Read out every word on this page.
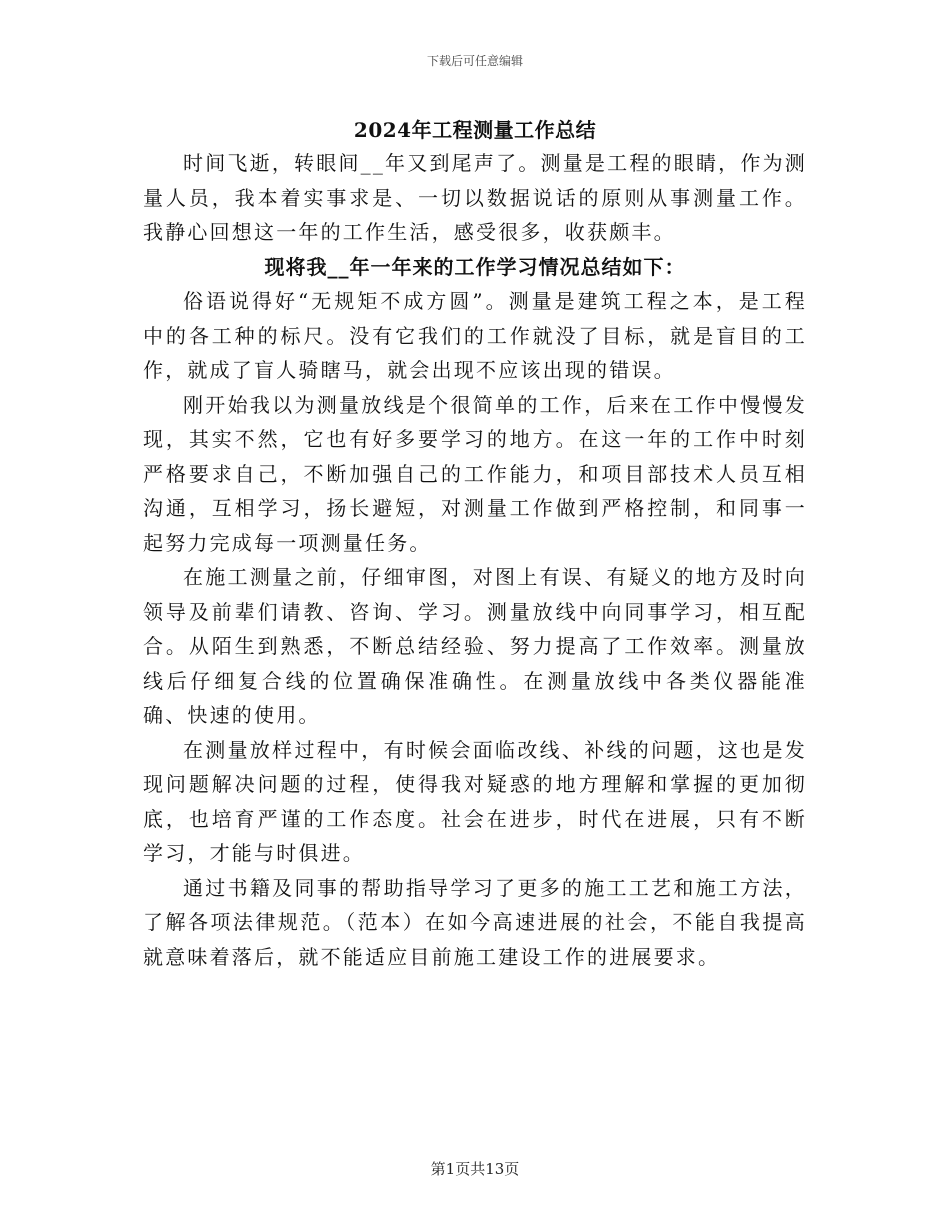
下载后可任意编辑
2024年工程测量工作总结

时间飞逝，转眼间__年又到尾声了。测量是工程的眼睛，作为测量人员，我本着实事求是、一切以数据说话的原则从事测量工作。我静心回想这一年的工作生活，感受很多，收获颇丰。

现将我__年一年来的工作学习情况总结如下：

俗语说得好“无规矩不成方圆”。测量是建筑工程之本，是工程中的各工种的标尺。没有它我们的工作就没了目标，就是盲目的工作，就成了盲人骑瞎马，就会出现不应该出现的错误。

刚开始我以为测量放线是个很简单的工作，后来在工作中慢慢发现，其实不然，它也有好多要学习的地方。在这一年的工作中时刻严格要求自己，不断加强自己的工作能力，和项目部技术人员互相沟通，互相学习，扬长避短，对测量工作做到严格控制，和同事一起努力完成每一项测量任务。

在施工测量之前，仔细审图，对图上有误、有疑义的地方及时向领导及前辈们请教、咨询、学习。测量放线中向同事学习，相互配合。从陌生到熟悉，不断总结经验、努力提高了工作效率。测量放线后仔细复合线的位置确保准确性。在测量放线中各类仪器能准确、快速的使用。

在测量放样过程中，有时候会面临改线、补线的问题，这也是发现问题解决问题的过程，使得我对疑惑的地方理解和掌握的更加彻底，也培育严谨的工作态度。社会在进步，时代在进展，只有不断学习，才能与时俱进。

通过书籍及同事的帮助指导学习了更多的施工工艺和施工方法，了解各项法律规范。（范本）在如今高速进展的社会，不能自我提高就意味着落后，就不能适应目前施工建设工作的进展要求。

第1页共13页
